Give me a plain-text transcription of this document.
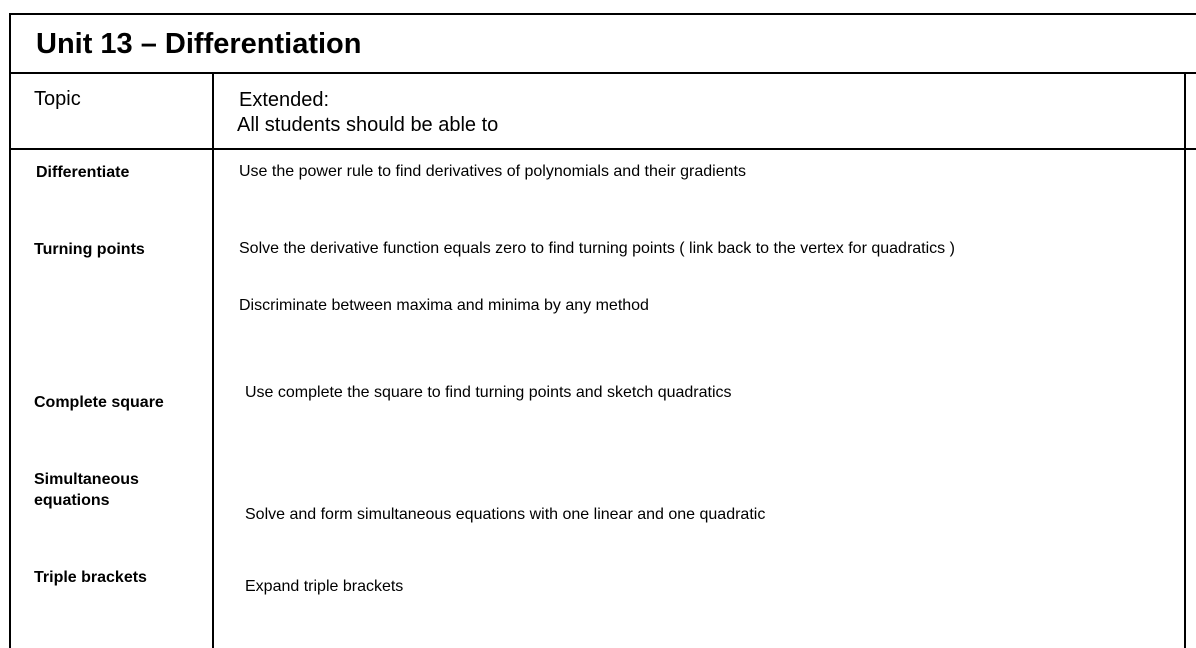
Unit 13 – Differentiation
Topic	Extended:
All students should be able to
Differentiate
Turning points
Complete square
Simultaneous equations
Triple brackets
Use the power rule to find derivatives of polynomials and their gradients
Solve the derivative function equals zero to find turning points ( link back to the vertex for quadratics )
Discriminate between maxima and minima by any method
Use complete the square to find turning points and sketch quadratics
Solve and form simultaneous equations with one linear and one quadratic
Expand triple brackets
